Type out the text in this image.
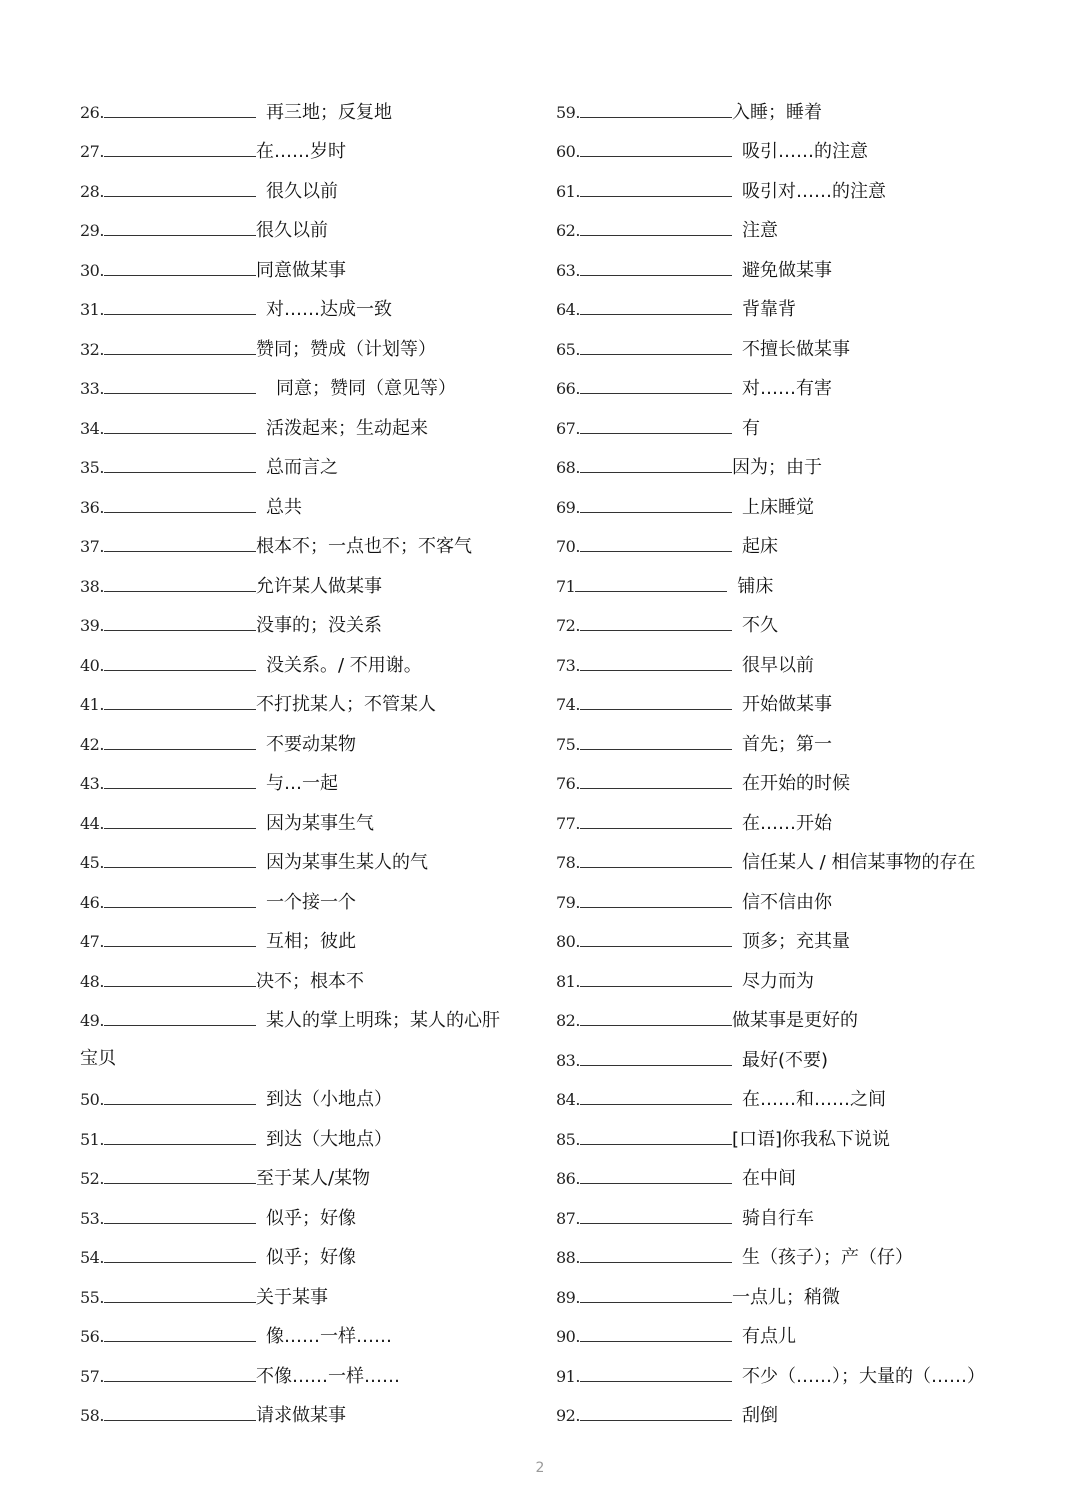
26.	再三地；反复地
27.	在……岁时
28.	很久以前
29.	很久以前
30.	同意做某事
31.	对……达成一致
32.	赞同；赞成（计划等）
33.	同意；赞同（意见等）
34.	活泼起来；生动起来
35.	总而言之
36.	总共
37.	根本不；一点也不；不客气
38.	允许某人做某事
39.	没事的；没关系
40.	没关系。/ 不用谢。
41.	不打扰某人；不管某人
42.	不要动某物
43.	与…一起
44.	因为某事生气
45.	因为某事生某人的气
46.	一个接一个
47.	互相；彼此
48.	决不；根本不
49.	某人的掌上明珠；某人的心肝
宝贝
50.	到达（小地点）
51.	到达（大地点）
52.	至于某人/某物
53.	似乎；好像
54.	似乎；好像
55.	关于某事
56.	像……一样……
57.	不像……一样……
58.	请求做某事
59.	入睡；睡着
60.	吸引……的注意
61.	吸引对……的注意
62.	注意
63.	避免做某事
64.	背靠背
65.	不擅长做某事
66.	对……有害
67.	有
68.	因为；由于
69.	上床睡觉
70.	起床
71	铺床
72.	不久
73.	很早以前
74.	开始做某事
75.	首先；第一
76.	在开始的时候
77.	在……开始
78.	信任某人 / 相信某事物的存在
79.	信不信由你
80.	顶多；充其量
81.	尽力而为
82.	做某事是更好的
83.	最好(不要)
84.	在……和……之间
85.	[口语]你我私下说说
86.	在中间
87.	骑自行车
88.	生（孩子）；产（仔）
89.	一点儿；稍微
90.	有点儿
91.	不少（……）；大量的（……）
92.	刮倒
2
